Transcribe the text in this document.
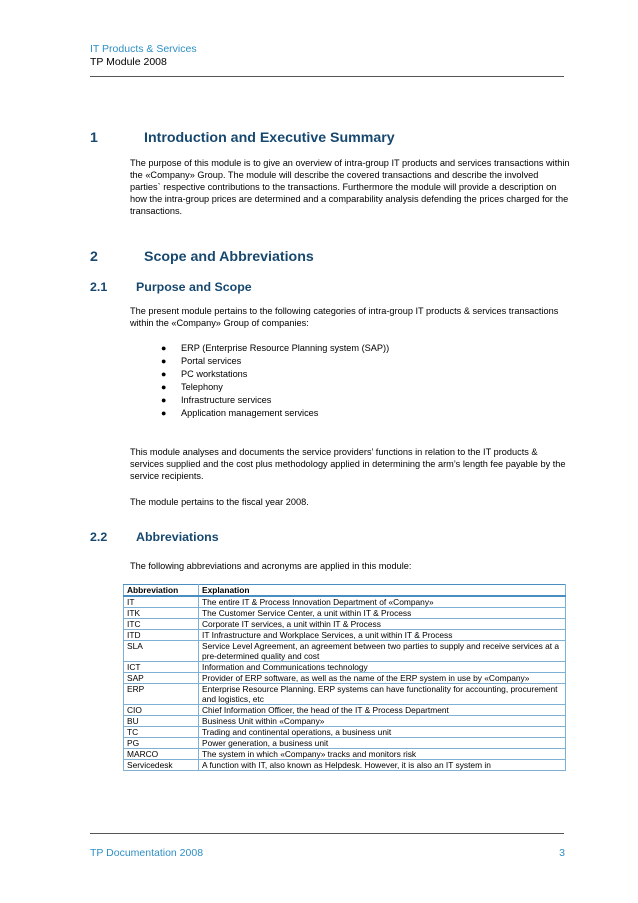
IT Products & Services
TP Module 2008
1	Introduction and Executive Summary

The purpose of this module is to give an overview of intra-group IT products and services transactions within the «Company» Group. The module will describe the covered transactions and describe the involved parties` respective contributions to the transactions. Furthermore the module will provide a description on how the intra-group prices are determined and a comparability analysis defending the prices charged for the transactions.

2	Scope and Abbreviations
2.1 Purpose and Scope

The present module pertains to the following categories of intra-group IT products & services transactions within the «Company» Group of companies:

● ERP (Enterprise Resource Planning system (SAP))
● Portal services
● PC workstations
● Telephony
● Infrastructure services
● Application management services

This module analyses and documents the service providers’ functions in relation to the IT products & services supplied and the cost plus methodology applied in determining the arm’s length fee payable by the service recipients.

The module pertains to the fiscal year 2008.

2.2 Abbreviations

The following abbreviations and acronyms are applied in this module:

Abbreviation	Explanation
IT	The entire IT & Process Innovation Department of «Company»
ITK	The Customer Service Center, a unit within IT & Process
ITC	Corporate IT services, a unit within IT & Process
ITD	IT Infrastructure and Workplace Services, a unit within IT & Process
SLA	Service Level Agreement, an agreement between two parties to supply and receive services at a pre-determined quality and cost
ICT	Information and Communications technology
SAP	Provider of ERP software, as well as the name of the ERP system in use by «Company»
ERP	Enterprise Resource Planning. ERP systems can have functionality for accounting, procurement and logistics, etc
CIO	Chief Information Officer, the head of the IT & Process Department
BU	Business Unit within «Company»
TC	Trading and continental operations, a business unit
PG	Power generation, a business unit
MARCO	The system in which «Company» tracks and monitors risk
Servicedesk	A function with IT, also known as Helpdesk. However, it is also an IT system in
TP Documentation 2008	3
